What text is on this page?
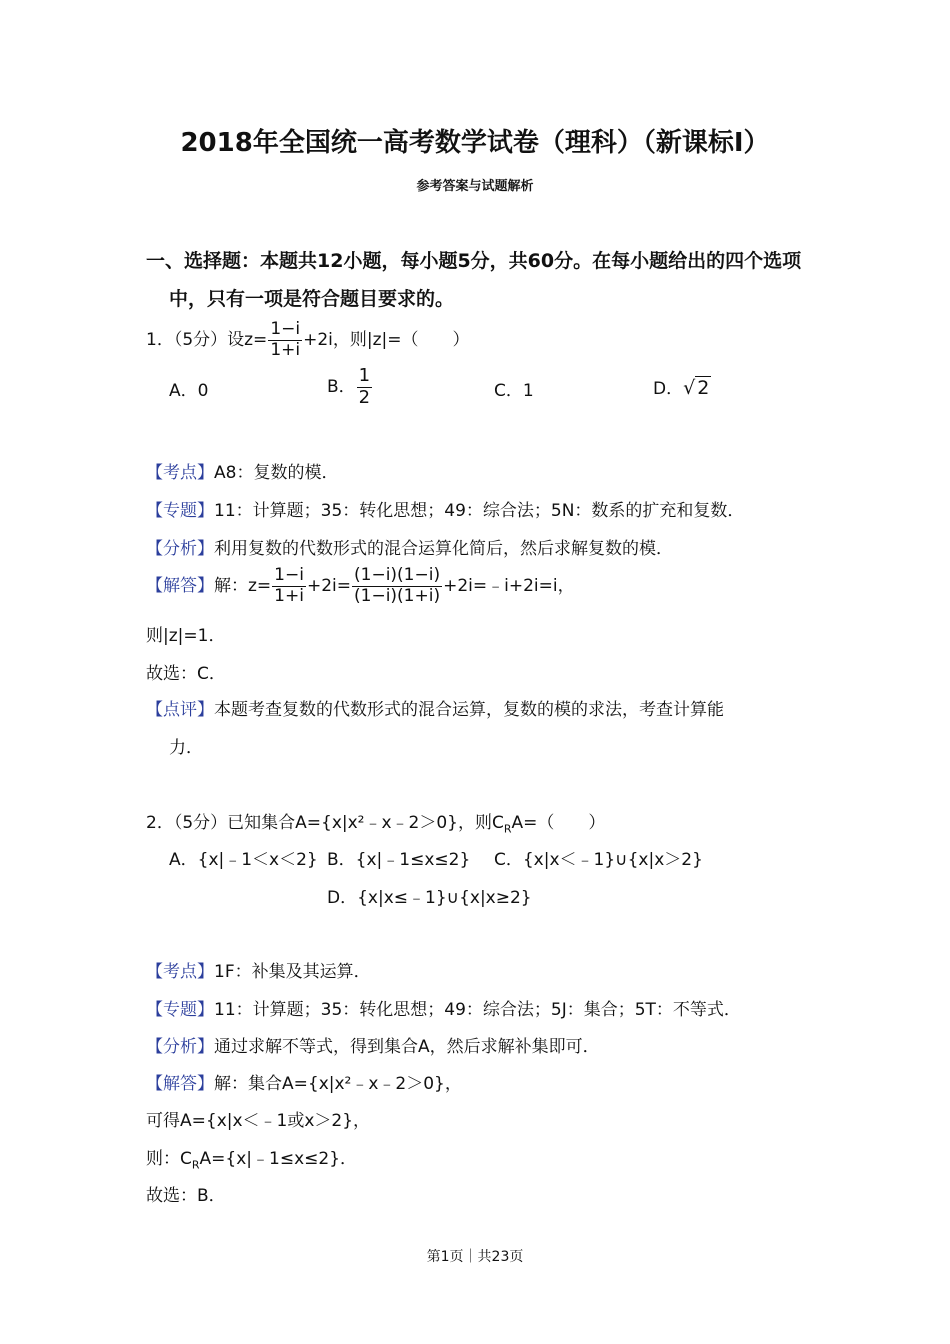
2018年全国统一高考数学试卷（理科）（新课标Ⅰ）
参考答案与试题解析
一、选择题：本题共12小题，每小题5分，共60分。在每小题给出的四个选项
中，只有一项是符合题目要求的。
1．（5分）设$z= \frac{1-i}{1+i} +2i$，则|z|=（　　）
A．0	B． $\frac{1}{2}$	C．1	D．√ 2
【考点】A8：复数的模．
【专题】11：计算题；35：转化思想；49：综合法；5N：数系的扩充和复数．
【分析】利用复数的代数形式的混合运算化简后，然后求解复数的模．
【解答】解：$z= \frac{1-i}{1+i} +2i= \frac{(1-i)(1-i)}{(1-i)(1+i)}$ +2i=﹣i+2i=i，
则|z|=1．
故选：C．
【点评】本题考查复数的代数形式的混合运算，复数的模的求法，考查计算能
力．
2．（5分）已知集合A={x|x²﹣x﹣2＞0}，则$C_RA=$（　　）
A．{x|﹣1＜x＜2} B．{x|﹣1≤x≤2} C．{x|x＜﹣1}∪{x|x＞2}
D．{x|x≤﹣1}∪{x|x≥2}
【考点】1F：补集及其运算．
【专题】11：计算题；35：转化思想；49：综合法；5J：集合；5T：不等式．
【分析】通过求解不等式，得到集合A，然后求解补集即可．
【解答】解：集合A={x|x²﹣x﹣2＞0}，
可得A={x|x＜﹣1或x＞2}，
则：$C_RA=\{x|﹣1\le x\le 2\}$．
故选：B．
第1页｜共23页
